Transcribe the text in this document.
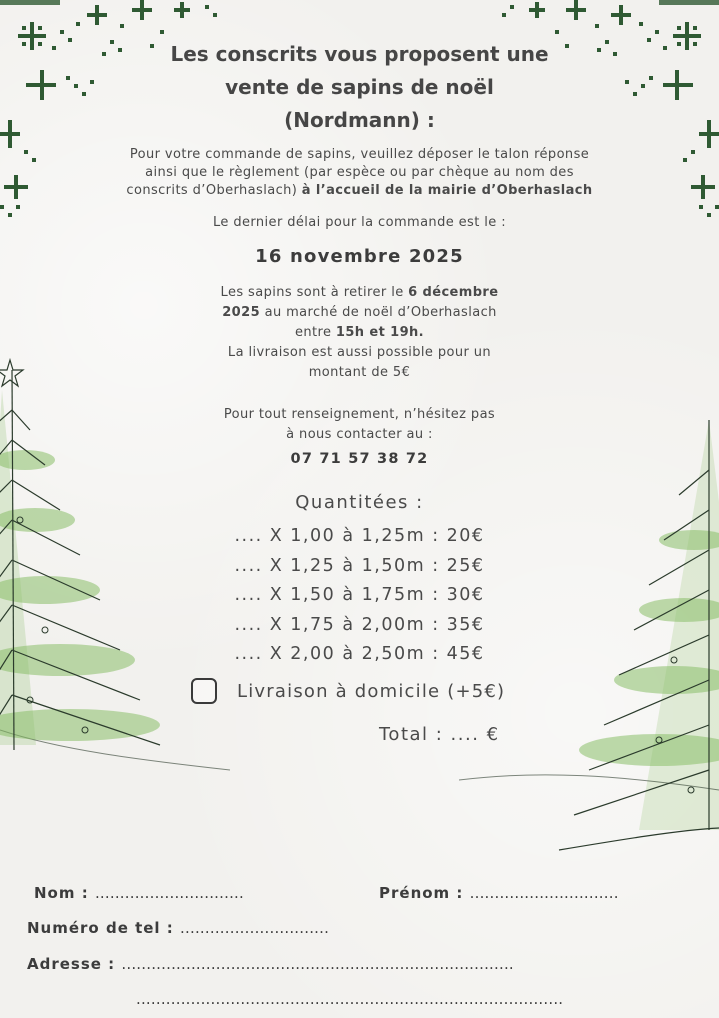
Les conscrits vous proposent une
vente de sapins de noël
(Nordmann) :
Pour votre commande de sapins, veuillez déposer le talon réponse
ainsi que le règlement (par espèce ou par chèque au nom des
conscrits d’Oberhaslach) à l’accueil de la mairie d’Oberhaslach
Le dernier délai pour la commande est le :
16 novembre 2025
Les sapins sont à retirer le 6 décembre
2025 au marché de noël d’Oberhaslach
entre 15h et 19h.
La livraison est aussi possible pour un
montant de 5€
Pour tout renseignement, n’hésitez pas
à nous contacter au :
07 71 57 38 72
Quantitées :
.... X 1,00 à 1,25m : 20€
.... X 1,25 à 1,50m : 25€
.... X 1,50 à 1,75m : 30€
.... X 1,75 à 2,00m : 35€
.... X 2,00 à 2,50m : 45€
Livraison à domicile (+5€)
Total : .... €
Nom : ..............................	Prénom : ..............................
Numéro de tel : ..............................
Adresse : ...............................................................................
......................................................................................
